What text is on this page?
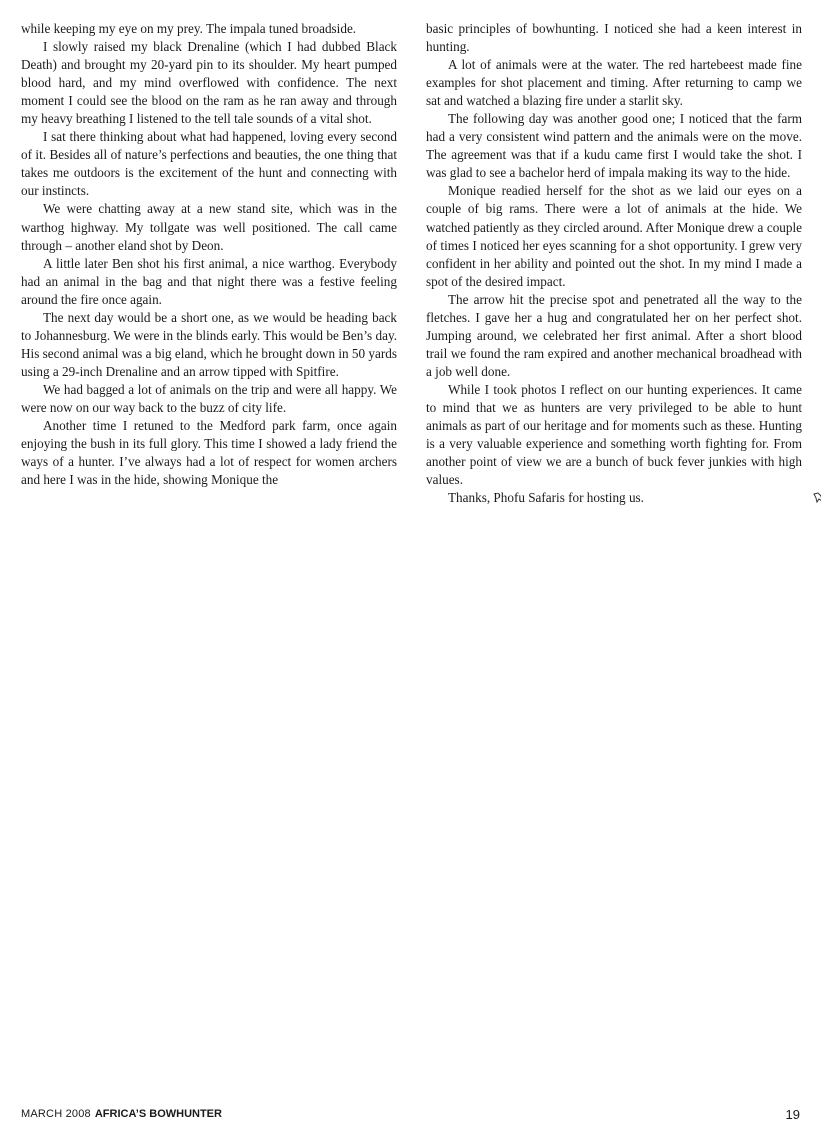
while keeping my eye on my prey. The impala tuned broadside.

I slowly raised my black Drenaline (which I had dubbed Black Death) and brought my 20-yard pin to its shoulder. My heart pumped blood hard, and my mind overflowed with confidence. The next moment I could see the blood on the ram as he ran away and through my heavy breathing I listened to the tell tale sounds of a vital shot.

I sat there thinking about what had happened, loving every second of it. Besides all of nature’s perfections and beauties, the one thing that takes me outdoors is the excitement of the hunt and connecting with our instincts.

We were chatting away at a new stand site, which was in the warthog highway. My tollgate was well positioned. The call came through – another eland shot by Deon.

A little later Ben shot his first animal, a nice warthog. Everybody had an animal in the bag and that night there was a festive feeling around the fire once again.

The next day would be a short one, as we would be heading back to Johannesburg. We were in the blinds early. This would be Ben’s day. His second animal was a big eland, which he brought down in 50 yards using a 29-inch Drenaline and an arrow tipped with Spitfire.

We had bagged a lot of animals on the trip and were all happy. We were now on our way back to the buzz of city life.

Another time I retuned to the Medford park farm, once again enjoying the bush in its full glory. This time I showed a lady friend the ways of a hunter. I’ve always had a lot of respect for women archers and here I was in the hide, showing Monique the

basic principles of bowhunting. I noticed she had a keen interest in hunting.

A lot of animals were at the water. The red hartebeest made fine examples for shot placement and timing. After returning to camp we sat and watched a blazing fire under a starlit sky.

The following day was another good one; I noticed that the farm had a very consistent wind pattern and the animals were on the move. The agreement was that if a kudu came first I would take the shot. I was glad to see a bachelor herd of impala making its way to the hide.

Monique readied herself for the shot as we laid our eyes on a couple of big rams. There were a lot of animals at the hide. We watched patiently as they circled around. After Monique drew a couple of times I noticed her eyes scanning for a shot opportunity. I grew very confident in her ability and pointed out the shot. In my mind I made a spot of the desired impact.

The arrow hit the precise spot and penetrated all the way to the fletches. I gave her a hug and congratulated her on her perfect shot. Jumping around, we celebrated her first animal. After a short blood trail we found the ram expired and another mechanical broadhead with a job well done.

While I took photos I reflect on our hunting experiences. It came to mind that we as hunters are very privileged to be able to hunt animals as part of our heritage and for moments such as these. Hunting is a very valuable experience and something worth fighting for. From another point of view we are a bunch of buck fever junkies with high values.

Thanks, Phofu Safaris for hosting us.

MARCH 2008 AFRICA’S BOWHUNTER	19
